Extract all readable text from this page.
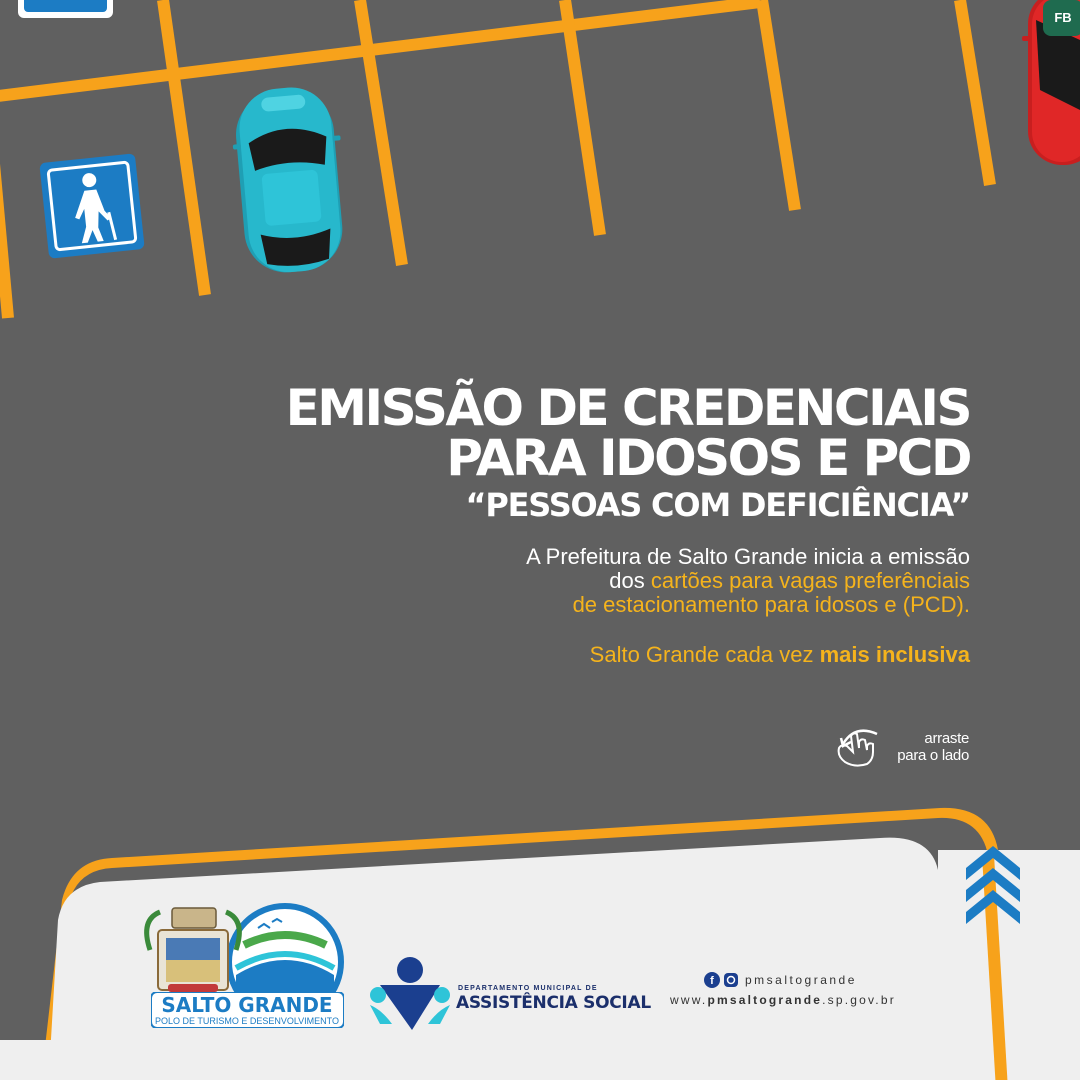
FB
EMISSÃO DE CREDENCIAIS
PARA IDOSOS E PCD
“PESSOAS COM DEFICIÊNCIA”
A Prefeitura de Salto Grande inicia a emissão
dos cartões para vagas preferênciais
de estacionamento para idosos e (PCD).
Salto Grande cada vez mais inclusiva
arraste
para o lado
SALTO GRANDE
POLO DE TURISMO E DESENVOLVIMENTO
DEPARTAMENTO MUNICIPAL DE
ASSISTÊNCIA SOCIAL
f	pmsaltogrande
www.pmsaltogrande.sp.gov.br
